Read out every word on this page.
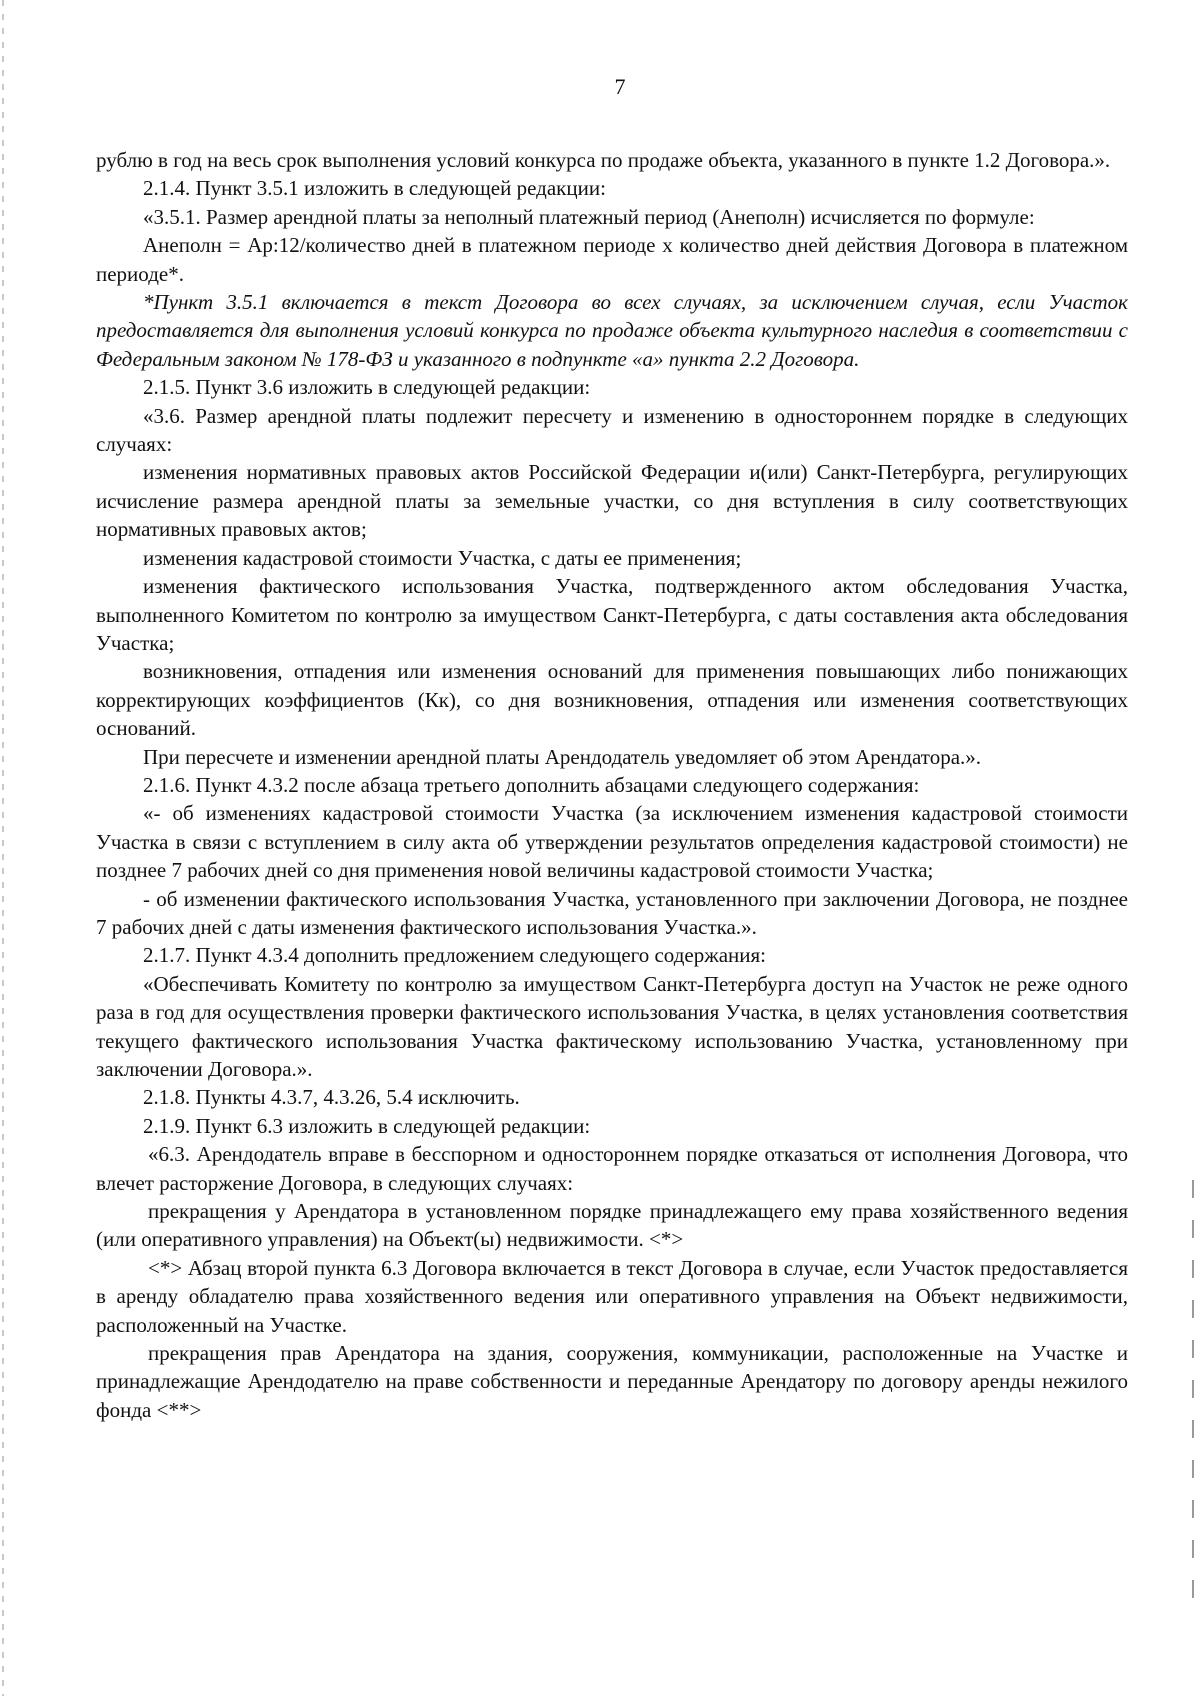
7

рублю в год на весь срок выполнения условий конкурса по продаже объекта, указанного в пункте 1.2 Договора.».

2.1.4. Пункт 3.5.1 изложить в следующей редакции:

«3.5.1. Размер арендной платы за неполный платежный период (Анеполн) исчисляется по формуле:

Анеполн = Ар:12/количество дней в платежном периоде х количество дней действия Договора в платежном периоде*.

*Пункт 3.5.1 включается в текст Договора во всех случаях, за исключением случая, если Участок предоставляется для выполнения условий конкурса по продаже объекта культурного наследия в соответствии с Федеральным законом № 178-ФЗ и указанного в подпункте «а» пункта 2.2 Договора.

2.1.5. Пункт 3.6 изложить в следующей редакции:

«3.6. Размер арендной платы подлежит пересчету и изменению в одностороннем порядке в следующих случаях:

изменения нормативных правовых актов Российской Федерации и(или) Санкт-Петербурга, регулирующих исчисление размера арендной платы за земельные участки, со дня вступления в силу соответствующих нормативных правовых актов;

изменения кадастровой стоимости Участка, с даты ее применения;

изменения фактического использования Участка, подтвержденного актом обследования Участка, выполненного Комитетом по контролю за имуществом Санкт-Петербурга, с даты составления акта обследования Участка;

возникновения, отпадения или изменения оснований для применения повышающих либо понижающих корректирующих коэффициентов (Кк), со дня возникновения, отпадения или изменения соответствующих оснований.

При пересчете и изменении арендной платы Арендодатель уведомляет об этом Арендатора.».

2.1.6. Пункт 4.3.2 после абзаца третьего дополнить абзацами следующего содержания:

«- об изменениях кадастровой стоимости Участка (за исключением изменения кадастровой стоимости Участка в связи с вступлением в силу акта об утверждении результатов определения кадастровой стоимости) не позднее 7 рабочих дней со дня применения новой величины кадастровой стоимости Участка;

- об изменении фактического использования Участка, установленного при заключении Договора, не позднее 7 рабочих дней с даты изменения фактического использования Участка.».

2.1.7. Пункт 4.3.4 дополнить предложением следующего содержания:

«Обеспечивать Комитету по контролю за имуществом Санкт-Петербурга доступ на Участок не реже одного раза в год для осуществления проверки фактического использования Участка, в целях установления соответствия текущего фактического использования Участка фактическому использованию Участка, установленному при заключении Договора.».

2.1.8. Пункты 4.3.7, 4.3.26, 5.4 исключить.

2.1.9. Пункт 6.3 изложить в следующей редакции:

«6.3. Арендодатель вправе в бесспорном и одностороннем порядке отказаться от исполнения Договора, что влечет расторжение Договора, в следующих случаях:

прекращения у Арендатора в установленном порядке принадлежащего ему права хозяйственного ведения (или оперативного управления) на Объект(ы) недвижимости. <*>

<*> Абзац второй пункта 6.3 Договора включается в текст Договора в случае, если Участок предоставляется в аренду обладателю права хозяйственного ведения или оперативного управления на Объект недвижимости, расположенный на Участке.

прекращения прав Арендатора на здания, сооружения, коммуникации, расположенные на Участке и принадлежащие Арендодателю на праве собственности и переданные Арендатору по договору аренды нежилого фонда <**>
